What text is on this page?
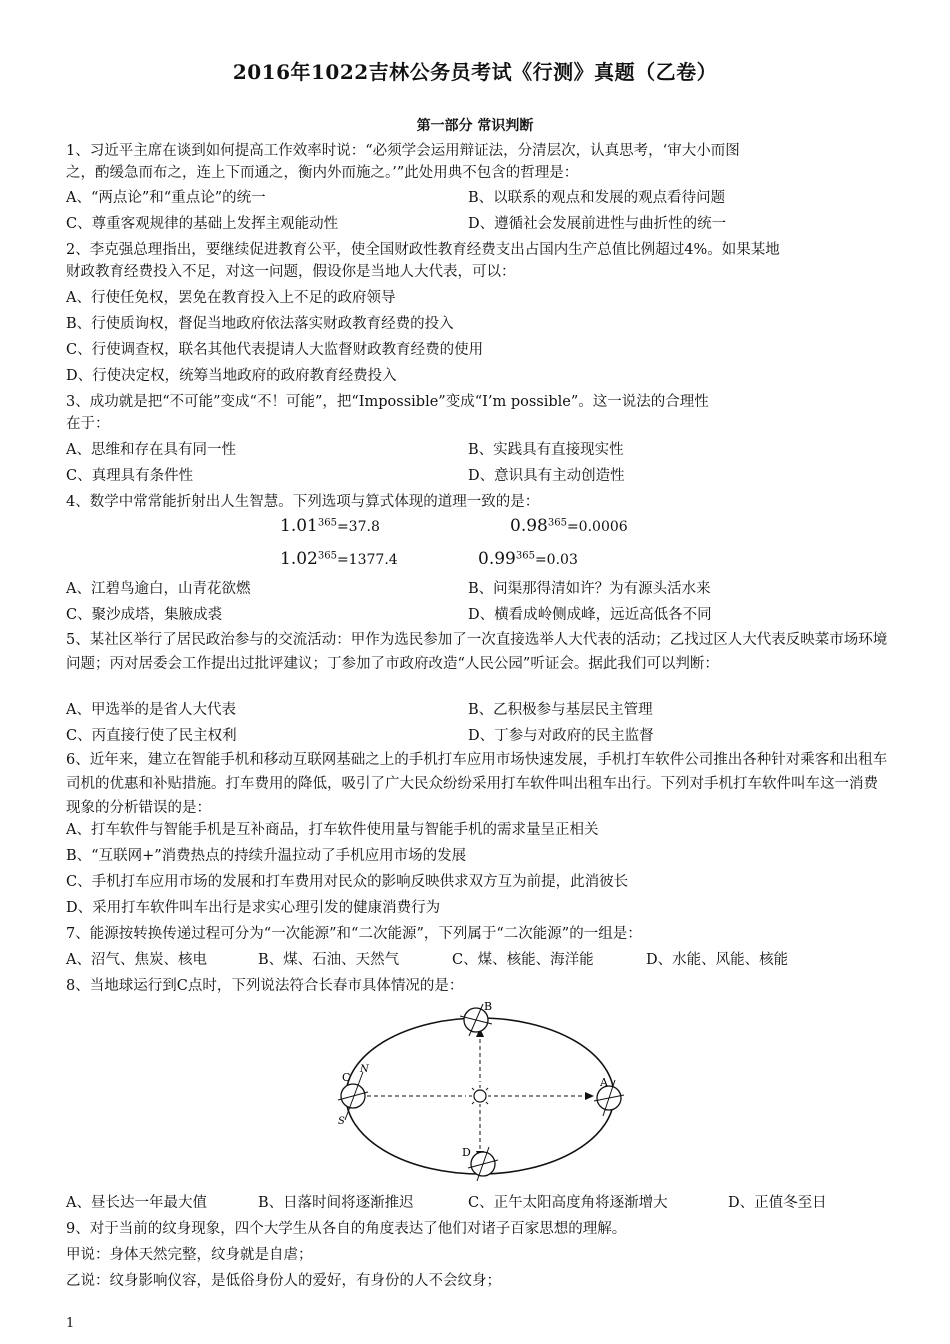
2016年1022吉林公务员考试《行测》真题（乙卷）
第一部分 常识判断
1、习近平主席在谈到如何提高工作效率时说：“必须学会运用辩证法，分清层次，认真思考，‘审大小而图
之，酌缓急而布之，连上下而通之，衡内外而施之。’”此处用典不包含的哲理是：
A、“两点论”和“重点论”的统一	B、以联系的观点和发展的观点看待问题
C、尊重客观规律的基础上发挥主观能动性	D、遵循社会发展前进性与曲折性的统一
2、李克强总理指出，要继续促进教育公平，使全国财政性教育经费支出占国内生产总值比例超过4%。如果某地
财政教育经费投入不足，对这一问题，假设你是当地人大代表，可以：
A、行使任免权，罢免在教育投入上不足的政府领导
B、行使质询权，督促当地政府依法落实财政教育经费的投入
C、行使调查权，联名其他代表提请人大监督财政教育经费的使用
D、行使决定权，统筹当地政府的政府教育经费投入
3、成功就是把“不可能”变成“不！可能”，把“Impossible”变成“I’m possible”。这一说法的合理性
在于：
A、思维和存在具有同一性	B、实践具有直接现实性
C、真理具有条件性	D、意识具有主动创造性
4、数学中常常能折射出人生智慧。下列选项与算式体现的道理一致的是：
$1.01^{365}=37.8$	$0.98^{365}=0.0006$
$1.02^{365}=1377.4$	$0.99^{365}=0.03$
A、江碧鸟逾白，山青花欲燃	B、问渠那得清如许？为有源头活水来
C、聚沙成塔，集腋成裘	D、横看成岭侧成峰，远近高低各不同
5、某社区举行了居民政治参与的交流活动：甲作为选民参加了一次直接选举人大代表的活动；乙找过区人大代表反映菜市场环境问题；丙对居委会工作提出过批评建议；丁参加了市政府改造“人民公园”听证会。据此我们可以判断：
A、甲选举的是省人大代表	B、乙积极参与基层民主管理
C、丙直接行使了民主权利	D、丁参与对政府的民主监督
6、近年来，建立在智能手机和移动互联网基础之上的手机打车应用市场快速发展，手机打车软件公司推出各种针对乘客和出租车司机的优惠和补贴措施。打车费用的降低，吸引了广大民众纷纷采用打车软件叫出租车出行。下列对手机打车软件叫车这一消费现象的分析错误的是：
A、打车软件与智能手机是互补商品，打车软件使用量与智能手机的需求量呈正相关
B、“互联网+”消费热点的持续升温拉动了手机应用市场的发展
C、手机打车应用市场的发展和打车费用对民众的影响反映供求双方互为前提，此消彼长
D、采用打车软件叫车出行是求实心理引发的健康消费行为
7、能源按转换传递过程可分为“一次能源”和“二次能源”，下列属于“二次能源”的一组是：
A、沼气、焦炭、核电	B、煤、石油、天然气	C、煤、核能、海洋能	D、水能、风能、核能
8、当地球运行到C点时，下列说法符合长春市具体情况的是：
B
A
C
N
S
D
A、昼长达一年最大值	B、日落时间将逐渐推迟	C、正午太阳高度角将逐渐增大	D、正值冬至日
9、对于当前的纹身现象，四个大学生从各自的角度表达了他们对诸子百家思想的理解。
甲说：身体天然完整，纹身就是自虐；
乙说：纹身影响仪容，是低俗身份人的爱好，有身份的人不会纹身；
1
